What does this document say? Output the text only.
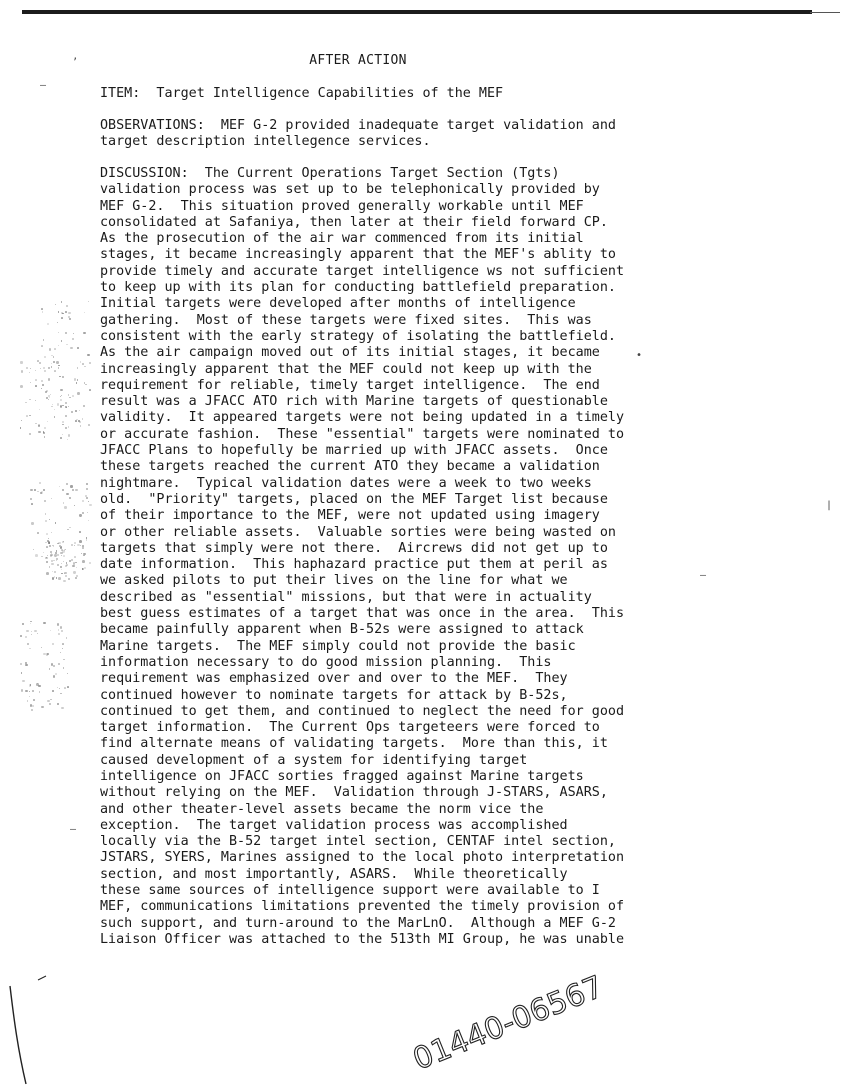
AFTER ACTION
ITEM:  Target Intelligence Capabilities of the MEF
OBSERVATIONS:  MEF G-2 provided inadequate target validation and
target description intellegence services.
DISCUSSION:  The Current Operations Target Section (Tgts)
validation process was set up to be telephonically provided by
MEF G-2.  This situation proved generally workable until MEF
consolidated at Safaniya, then later at their field forward CP.
As the prosecution of the air war commenced from its initial
stages, it became increasingly apparent that the MEF's ablity to
provide timely and accurate target intelligence ws not sufficient
to keep up with its plan for conducting battlefield preparation.
Initial targets were developed after months of intelligence
gathering.  Most of these targets were fixed sites.  This was
consistent with the early strategy of isolating the battlefield.
As the air campaign moved out of its initial stages, it became
increasingly apparent that the MEF could not keep up with the
requirement for reliable, timely target intelligence.  The end
result was a JFACC ATO rich with Marine targets of questionable
validity.  It appeared targets were not being updated in a timely
or accurate fashion.  These "essential" targets were nominated to
JFACC Plans to hopefully be married up with JFACC assets.  Once
these targets reached the current ATO they became a validation
nightmare.  Typical validation dates were a week to two weeks
old.  "Priority" targets, placed on the MEF Target list because
of their importance to the MEF, were not updated using imagery
or other reliable assets.  Valuable sorties were being wasted on
targets that simply were not there.  Aircrews did not get up to
date information.  This haphazard practice put them at peril as
we asked pilots to put their lives on the line for what we
described as "essential" missions, but that were in actuality
best guess estimates of a target that was once in the area.  This
became painfully apparent when B-52s were assigned to attack
Marine targets.  The MEF simply could not provide the basic
information necessary to do good mission planning.  This
requirement was emphasized over and over to the MEF.  They
continued however to nominate targets for attack by B-52s,
continued to get them, and continued to neglect the need for good
target information.  The Current Ops targeteers were forced to
find alternate means of validating targets.  More than this, it
caused development of a system for identifying target
intelligence on JFACC sorties fragged against Marine targets
without relying on the MEF.  Validation through J-STARS, ASARS,
and other theater-level assets became the norm vice the
exception.  The target validation process was accomplished
locally via the B-52 target intel section, CENTAF intel section,
JSTARS, SYERS, Marines assigned to the local photo interpretation
section, and most importantly, ASARS.  While theoretically
these same sources of intelligence support were available to I
MEF, communications limitations prevented the timely provision of
such support, and turn-around to the MarLnO.  Although a MEF G-2
Liaison Officer was attached to the 513th MI Group, he was unable
’
–
|
•
–
–
01440-06567
